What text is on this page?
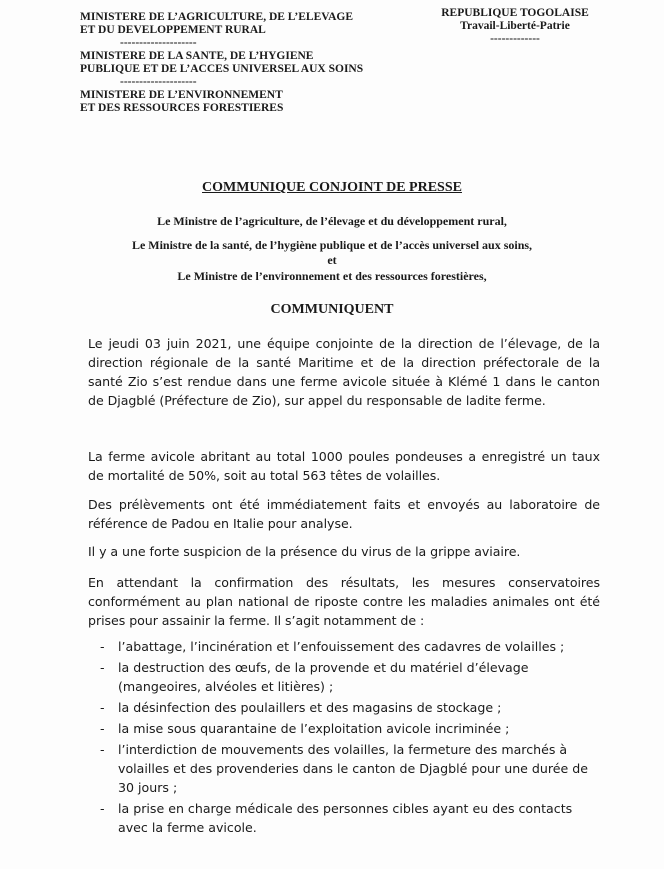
MINISTERE DE L’AGRICULTURE, DE L’ELEVAGE
ET DU DEVELOPPEMENT RURAL
--------------------
MINISTERE DE LA SANTE, DE L’HYGIENE
PUBLIQUE ET DE L’ACCES UNIVERSEL AUX SOINS
--------------------
MINISTERE DE L’ENVIRONNEMENT
ET DES RESSOURCES FORESTIERES
REPUBLIQUE TOGOLAISE
Travail-Liberté-Patrie
-------------
COMMUNIQUE CONJOINT DE PRESSE
Le Ministre de l’agriculture, de l’élevage et du développement rural,
Le Ministre de la santé, de l’hygiène publique et de l’accès universel aux soins,
et
Le Ministre de l’environnement et des ressources forestières,
COMMUNIQUENT

Le jeudi 03 juin 2021, une équipe conjointe de la direction de l’élevage, de la direction régionale de la santé Maritime et de la direction préfectorale de la santé Zio s’est rendue dans une ferme avicole située à Klémé 1 dans le canton de Djagblé (Préfecture de Zio), sur appel du responsable de ladite ferme.

La ferme avicole abritant au total 1000 poules pondeuses a enregistré un taux de mortalité de 50%, soit au total 563 têtes de volailles.

Des prélèvements ont été immédiatement faits et envoyés au laboratoire de référence de Padou en Italie pour analyse.

Il y a une forte suspicion de la présence du virus de la grippe aviaire.

En attendant la confirmation des résultats, les mesures conservatoires conformément au plan national de riposte contre les maladies animales ont été prises pour assainir la ferme. Il s’agit notamment de :

- l’abattage, l’incinération et l’enfouissement des cadavres de volailles ;
- la destruction des œufs, de la provende et du matériel d’élevage (mangeoires, alvéoles et litières) ;
- la désinfection des poulaillers et des magasins de stockage ;
- la mise sous quarantaine de l’exploitation avicole incriminée ;
- l’interdiction de mouvements des volailles, la fermeture des marchés à volailles et des provenderies dans le canton de Djagblé pour une durée de 30 jours ;
- la prise en charge médicale des personnes cibles ayant eu des contacts avec la ferme avicole.
